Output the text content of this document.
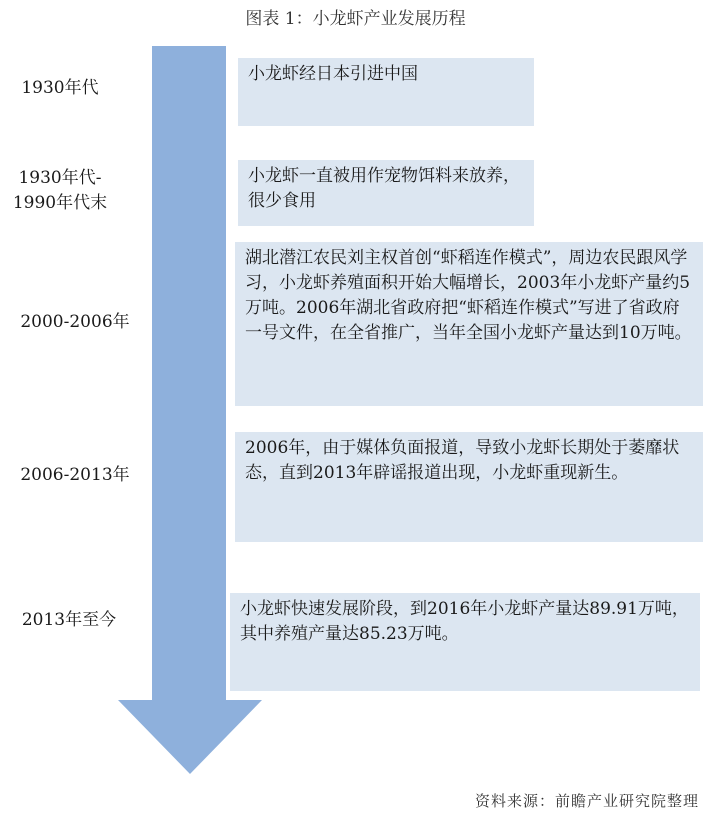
图表 1：小龙虾产业发展历程
1930年代
1930年代-
1990年代末
2000-2006年
2006-2013年
2013年至今
小龙虾经日本引进中国
小龙虾一直被用作宠物饵料来放养，很少食用
湖北潜江农民刘主权首创“虾稻连作模式”，周边农民跟风学习，小龙虾养殖面积开始大幅增长，2003年小龙虾产量约5万吨。2006年湖北省政府把“虾稻连作模式”写进了省政府一号文件，在全省推广，当年全国小龙虾产量达到10万吨。
2006年，由于媒体负面报道，导致小龙虾长期处于萎靡状态，直到2013年辟谣报道出现，小龙虾重现新生。
小龙虾快速发展阶段，到2016年小龙虾产量达89.91万吨，其中养殖产量达85.23万吨。
资料来源：前瞻产业研究院整理
